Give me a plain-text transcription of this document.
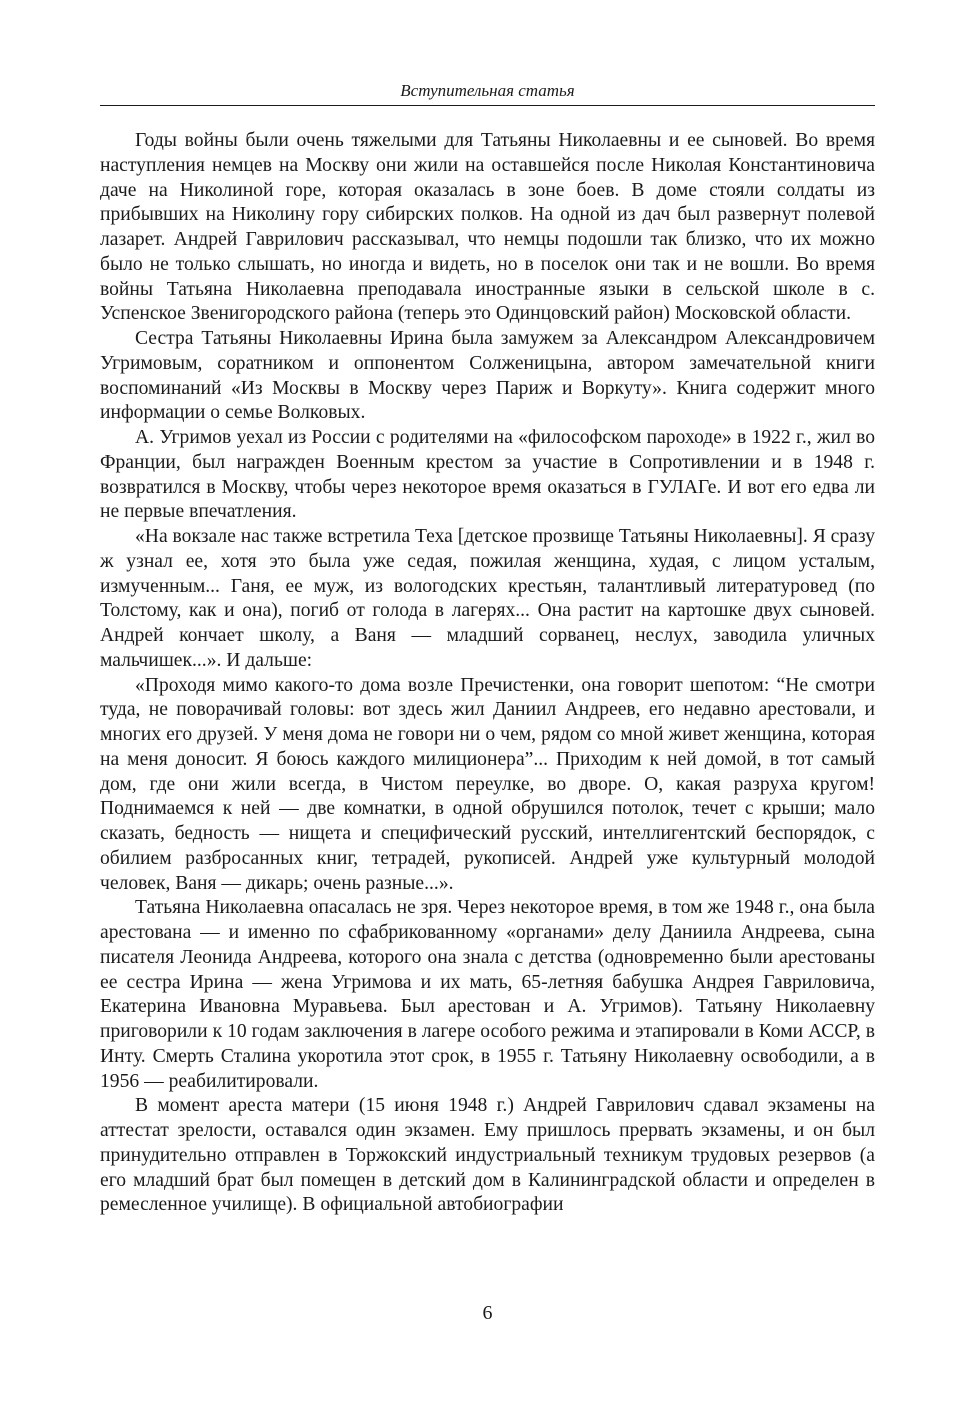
Вступительная статья

Годы войны были очень тяжелыми для Татьяны Николаевны и ее сыновей. Во время наступления немцев на Москву они жили на оставшейся после Николая Константиновича даче на Николиной горе, которая оказалась в зоне боев. В доме стояли солдаты из прибывших на Николину гору сибирских полков. На одной из дач был развернут полевой лазарет. Андрей Гаврилович рассказывал, что немцы подошли так близко, что их можно было не только слышать, но иногда и видеть, но в поселок они так и не вошли. Во время войны Татьяна Николаевна преподавала иностранные языки в сельской школе в с. Успенское Звенигородского района (теперь это Одинцовский район) Московской области.

Сестра Татьяны Николаевны Ирина была замужем за Александром Александровичем Угримовым, соратником и оппонентом Солженицына, автором замечательной книги воспоминаний «Из Москвы в Москву через Париж и Воркуту». Книга содержит много информации о семье Волковых.

А. Угримов уехал из России с родителями на «философском пароходе» в 1922 г., жил во Франции, был награжден Военным крестом за участие в Сопротивлении и в 1948 г. возвратился в Москву, чтобы через некоторое время оказаться в ГУЛАГе. И вот его едва ли не первые впечатления.

«На вокзале нас также встретила Теха [детское прозвище Татьяны Николаевны]. Я сразу ж узнал ее, хотя это была уже седая, пожилая женщина, худая, с лицом усталым, измученным... Ганя, ее муж, из вологодских крестьян, талантливый литературовед (по Толстому, как и она), погиб от голода в лагерях... Она растит на картошке двух сыновей. Андрей кончает школу, а Ваня — младший сорванец, неслух, заводила уличных мальчишек...». И дальше:

«Проходя мимо какого-то дома возле Пречистенки, она говорит шепотом: “Не смотри туда, не поворачивай головы: вот здесь жил Даниил Андреев, его недавно арестовали, и многих его друзей. У меня дома не говори ни о чем, рядом со мной живет женщина, которая на меня доносит. Я боюсь каждого милиционера”... Приходим к ней домой, в тот самый дом, где они жили всегда, в Чистом переулке, во дворе. О, какая разруха кругом! Поднимаемся к ней — две комнатки, в одной обрушился потолок, течет с крыши; мало сказать, бедность — нищета и специфический русский, интеллигентский беспорядок, с обилием разбросанных книг, тетрадей, рукописей. Андрей уже культурный молодой человек, Ваня — дикарь; очень разные...».

Татьяна Николаевна опасалась не зря. Через некоторое время, в том же 1948 г., она была арестована — и именно по сфабрикованному «органами» делу Даниила Андреева, сына писателя Леонида Андреева, которого она знала с детства (одновременно были арестованы ее сестра Ирина — жена Угримова и их мать, 65-летняя бабушка Андрея Гавриловича, Екатерина Ивановна Муравьева. Был арестован и А. Угримов). Татьяну Николаевну приговорили к 10 годам заключения в лагере особого режима и этапировали в Коми АССР, в Инту. Смерть Сталина укоротила этот срок, в 1955 г. Татьяну Николаевну освободили, а в 1956 — реабилитировали.

В момент ареста матери (15 июня 1948 г.) Андрей Гаврилович сдавал экзамены на аттестат зрелости, оставался один экзамен. Ему пришлось прервать экзамены, и он был принудительно отправлен в Торжокский индустриальный техникум трудовых резервов (а его младший брат был помещен в детский дом в Калининградской области и определен в ремесленное училище). В официальной автобиографии

6
